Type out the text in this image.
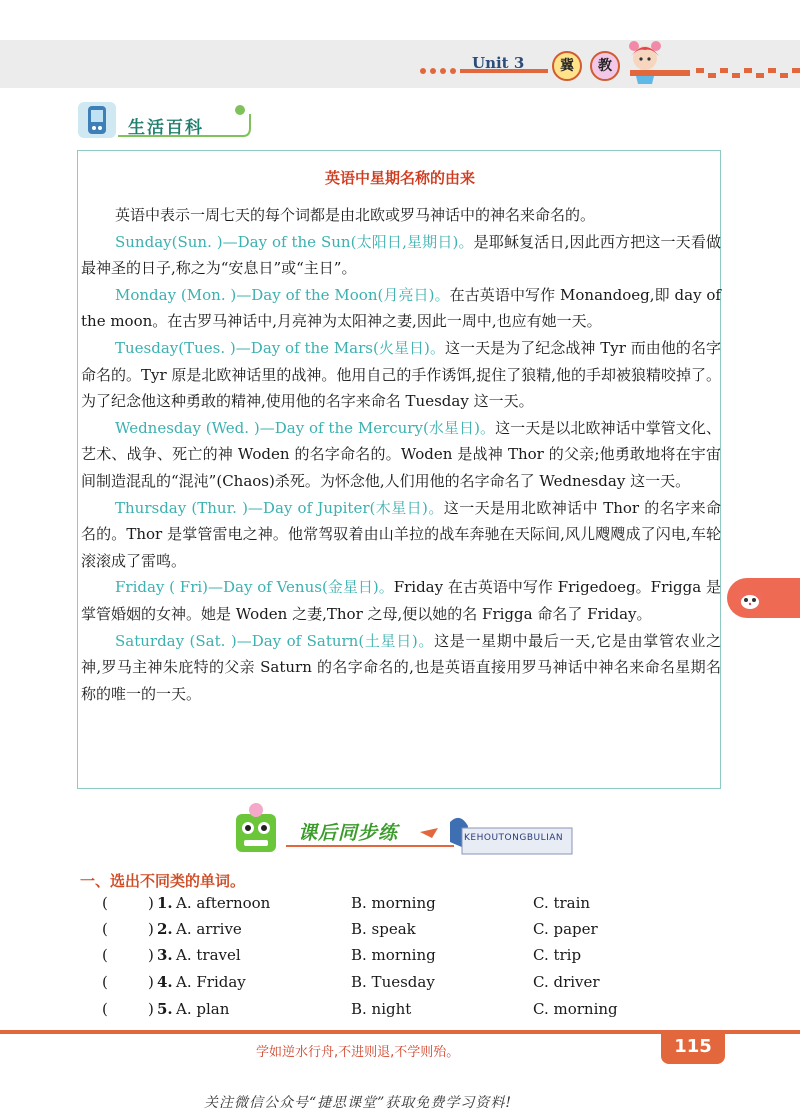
Unit 3	冀	教
生活百科
英语中星期名称的由来

英语中表示一周七天的每个词都是由北欧或罗马神话中的神名来命名的。

Sunday(Sun. )—Day of the Sun(太阳日,星期日)。是耶稣复活日,因此西方把这一天看做最神圣的日子,称之为“安息日”或“主日”。

Monday (Mon. )—Day of the Moon(月亮日)。在古英语中写作 Monandoeg,即 day of the moon。在古罗马神话中,月亮神为太阳神之妻,因此一周中,也应有她一天。

Tuesday(Tues. )—Day of the Mars(火星日)。这一天是为了纪念战神 Tyr 而由他的名字命名的。Tyr 原是北欧神话里的战神。他用自己的手作诱饵,捉住了狼精,他的手却被狼精咬掉了。为了纪念他这种勇敢的精神,使用他的名字来命名 Tuesday 这一天。

Wednesday (Wed. )—Day of the Mercury(水星日)。这一天是以北欧神话中掌管文化、艺术、战争、死亡的神 Woden 的名字命名的。Woden 是战神 Thor 的父亲;他勇敢地将在宇宙间制造混乱的“混沌”(Chaos)杀死。为怀念他,人们用他的名字命名了 Wednesday 这一天。

Thursday (Thur. )—Day of Jupiter(木星日)。这一天是用北欧神话中 Thor 的名字来命名的。Thor 是掌管雷电之神。他常驾驭着由山羊拉的战车奔驰在天际间,风儿飕飕成了闪电,车轮滚滚成了雷鸣。

Friday ( Fri)—Day of Venus(金星日)。Friday 在古英语中写作 Frigedoeg。Frigga 是掌管婚姻的女神。她是 Woden 之妻,Thor 之母,便以她的名 Frigga 命名了 Friday。

Saturday (Sat. )—Day of Saturn(土星日)。这是一星期中最后一天,它是由掌管农业之神,罗马主神朱庇特的父亲 Saturn 的名字命名的,也是英语直接用罗马神话中神名来命名星期名称的唯一的一天。

课后同步练	KEHOUTONGBULIAN
一、选出不同类的单词。
(	) 1. A. afternoon	B. morning	C. train
(	) 2. A. arrive	B. speak	C. paper
(	) 3. A. travel	B. morning	C. trip
(	) 4. A. Friday	B. Tuesday	C. driver
(	) 5. A. plan	B. night	C. morning
115
学如逆水行舟,不进则退,不学则殆。
关注微信公众号“捷思课堂”获取免费学习资料!
